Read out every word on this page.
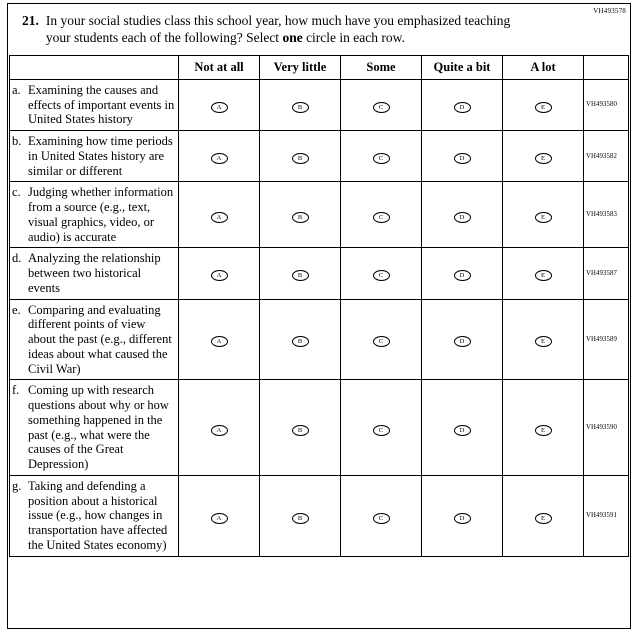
VH493578
21. In your social studies class this school year, how much have you emphasized teaching your students each of the following? Select one circle in each row.
	Not at all	Very little	Some	Quite a bit	A lot	

a. Examining the causes and effects of important events in United States history	A	B	C	D	E	VH493580

b. Examining how time periods in United States history are similar or different	A	B	C	D	E	VH493582

c. Judging whether information from a source (e.g., text, visual graphics, video, or audio) is accurate	A	B	C	D	E	VH493583

d. Analyzing the relationship between two historical events	A	B	C	D	E	VH493587

e. Comparing and evaluating different points of view about the past (e.g., different ideas about what caused the Civil War)	A	B	C	D	E	VH493589

f. Coming up with research questions about why or how something happened in the past (e.g., what were the causes of the Great Depression)	A	B	C	D	E	VH493590

g. Taking and defending a position about a historical issue (e.g., how changes in transportation have affected the United States economy)	A	B	C	D	E	VH493591
